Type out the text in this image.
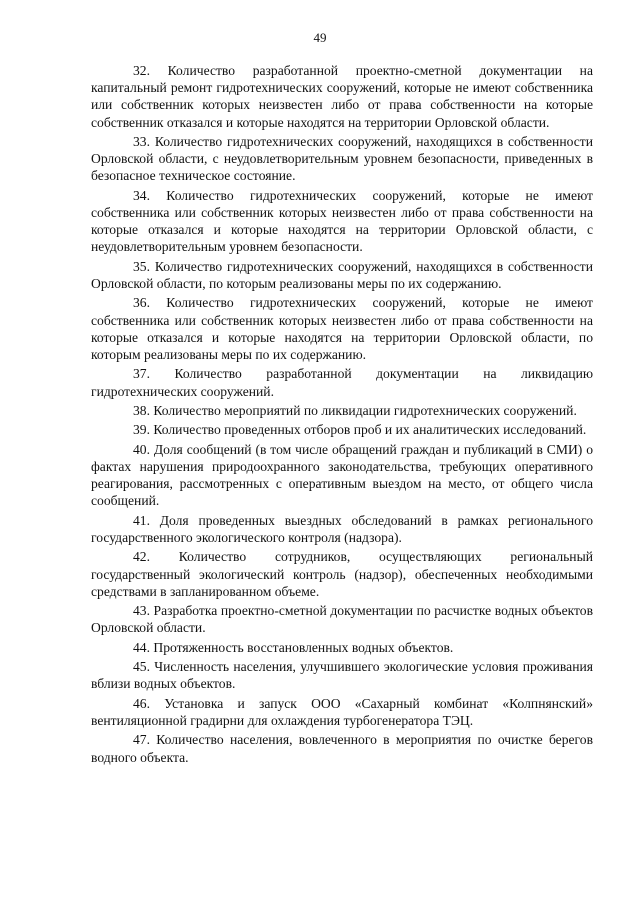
49

32. Количество разработанной проектно-сметной документации на капитальный ремонт гидротехнических сооружений, которые не имеют собственника или собственник которых неизвестен либо от права собственности на которые собственник отказался и которые находятся на территории Орловской области.

33. Количество гидротехнических сооружений, находящихся в собственности Орловской области, с неудовлетворительным уровнем безопасности, приведенных в безопасное техническое состояние.

34. Количество гидротехнических сооружений, которые не имеют собственника или собственник которых неизвестен либо от права собственности на которые отказался и которые находятся на территории Орловской области, с неудовлетворительным уровнем безопасности.

35. Количество гидротехнических сооружений, находящихся в собственности Орловской области, по которым реализованы меры по их содержанию.

36. Количество гидротехнических сооружений, которые не имеют собственника или собственник которых неизвестен либо от права собственности на которые отказался и которые находятся на территории Орловской области, по которым реализованы меры по их содержанию.

37. Количество разработанной документации на ликвидацию гидротехнических сооружений.

38. Количество мероприятий по ликвидации гидротехнических сооружений.

39. Количество проведенных отборов проб и их аналитических исследований.

40. Доля сообщений (в том числе обращений граждан и публикаций в СМИ) о фактах нарушения природоохранного законодательства, требующих оперативного реагирования, рассмотренных с оперативным выездом на место, от общего числа сообщений.

41. Доля проведенных выездных обследований в рамках регионального государственного экологического контроля (надзора).

42. Количество сотрудников, осуществляющих региональный государственный экологический контроль (надзор), обеспеченных необходимыми средствами в запланированном объеме.

43. Разработка проектно-сметной документации по расчистке водных объектов Орловской области.

44. Протяженность восстановленных водных объектов.

45. Численность населения, улучшившего экологические условия проживания вблизи водных объектов.

46. Установка и запуск ООО «Сахарный комбинат «Колпнянский» вентиляционной градирни для охлаждения турбогенератора ТЭЦ.

47. Количество населения, вовлеченного в мероприятия по очистке берегов водного объекта.
